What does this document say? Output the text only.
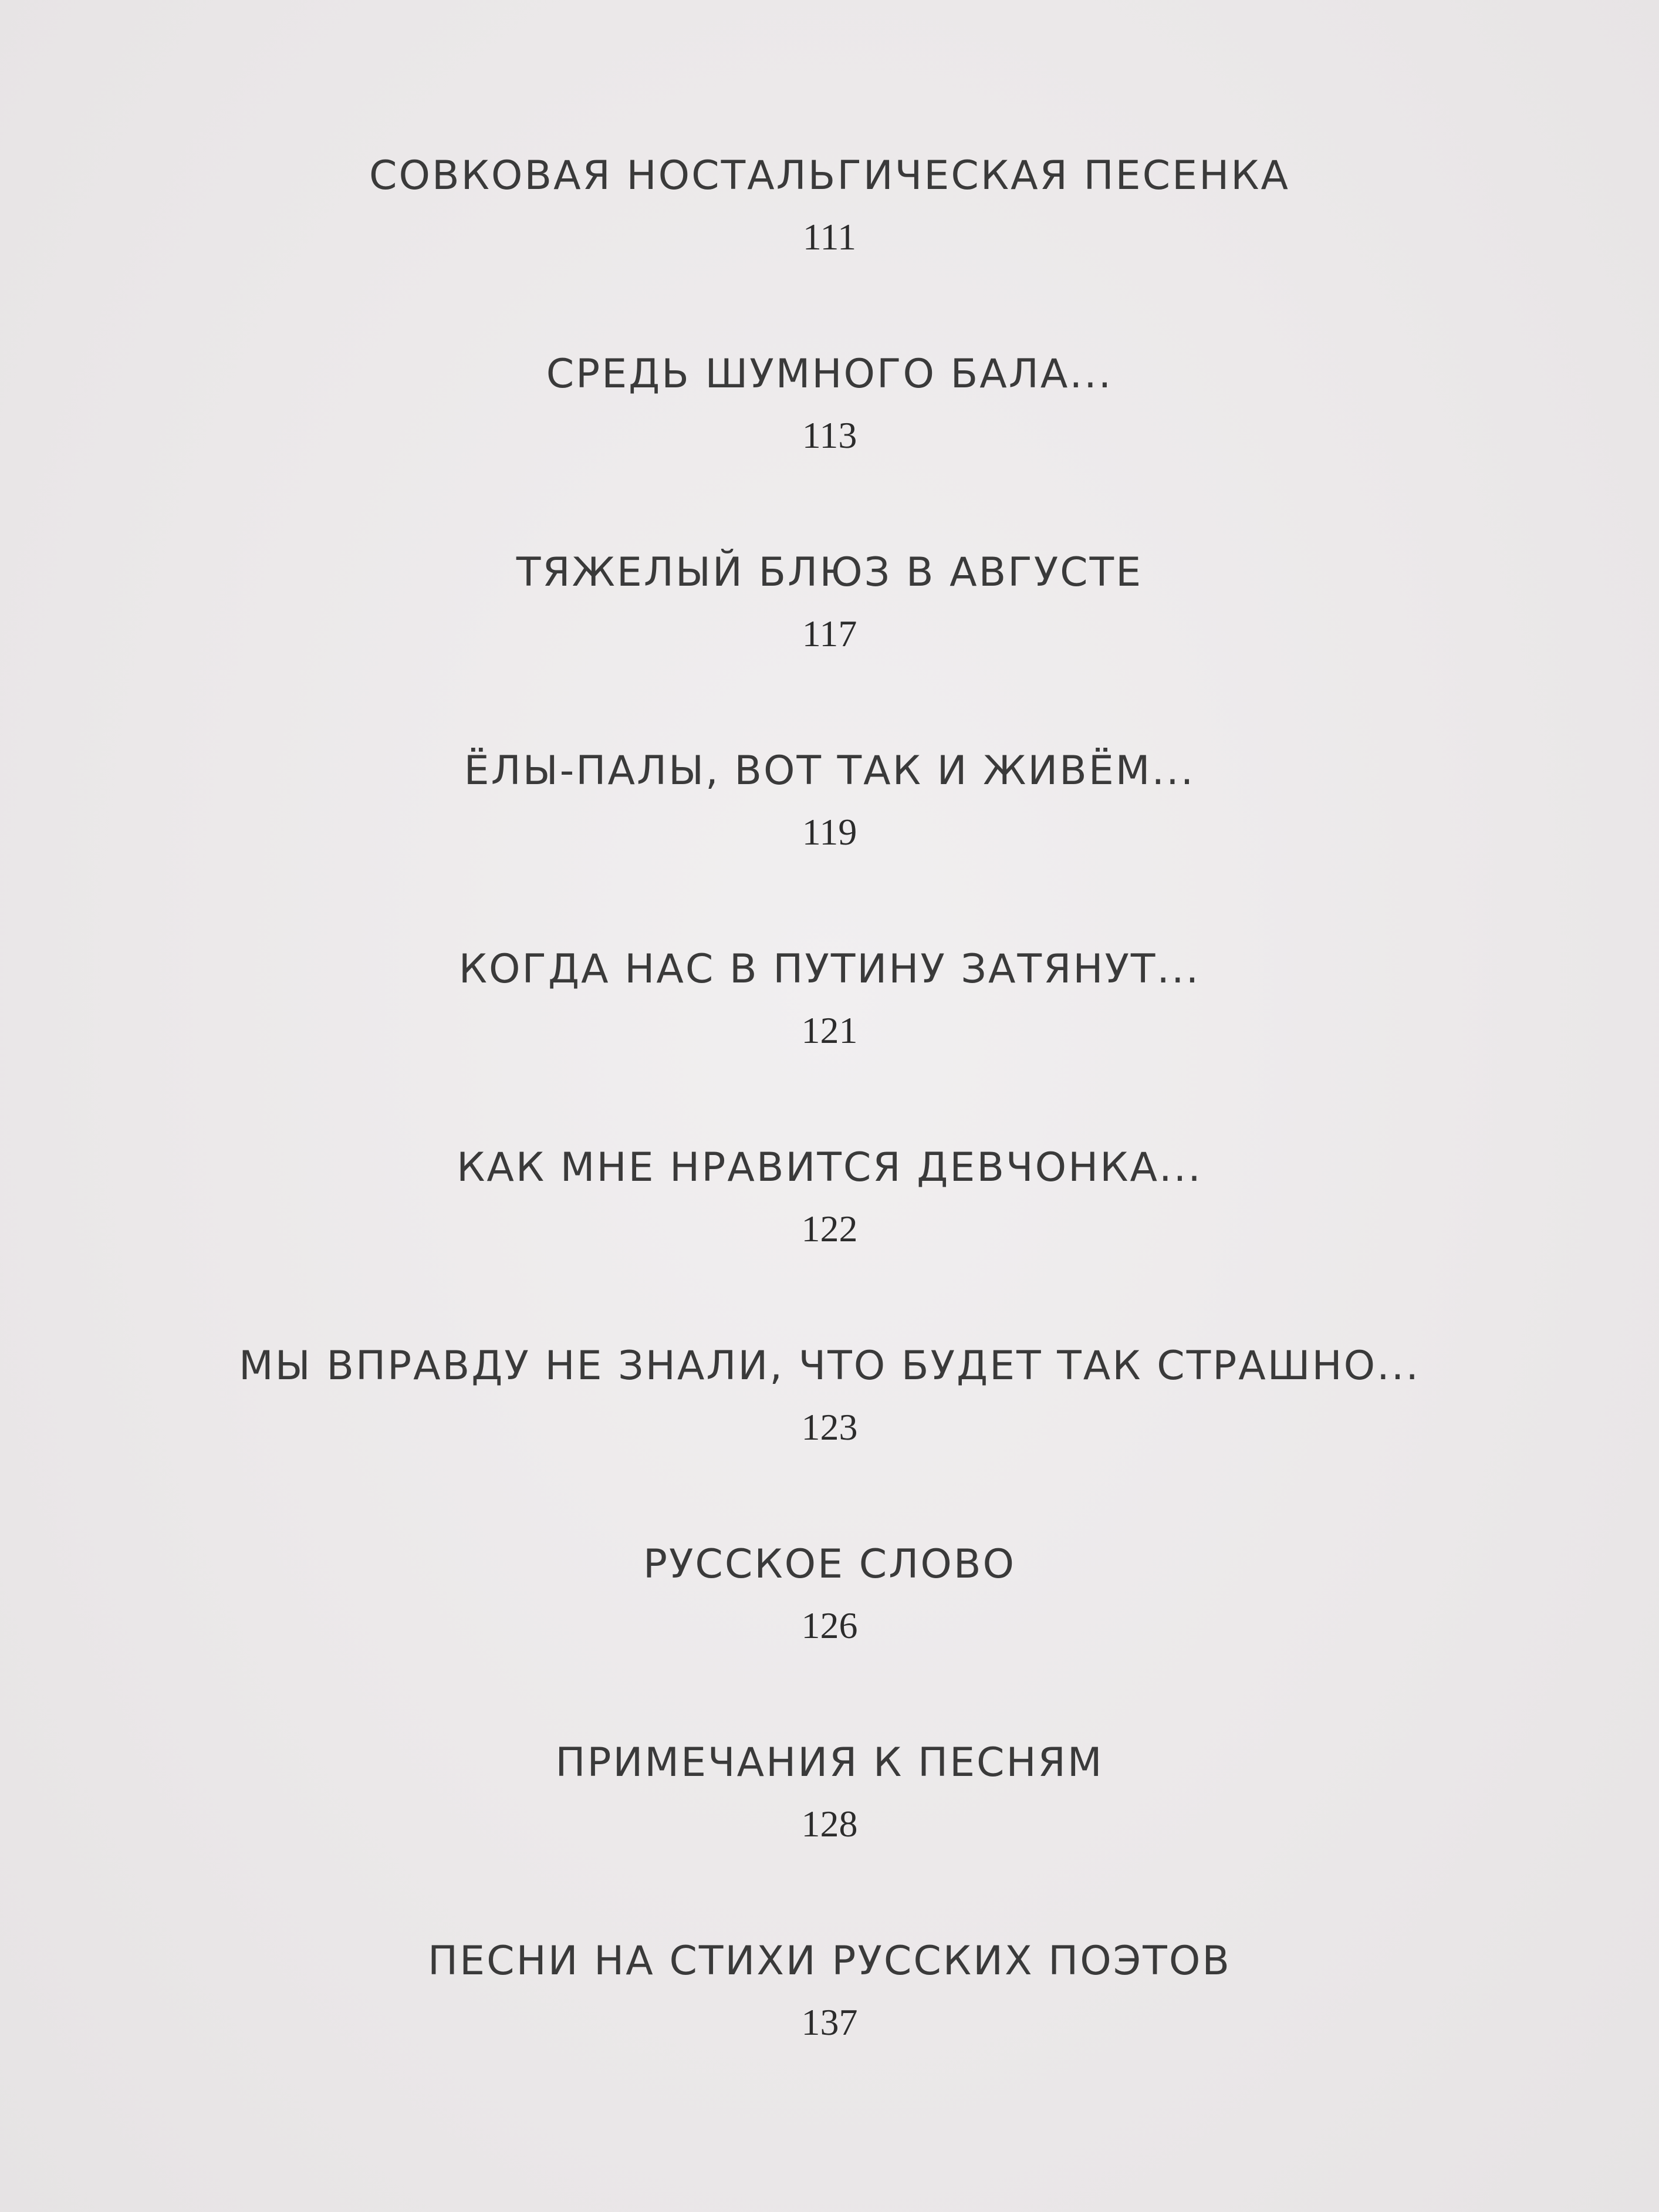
СОВКОВАЯ НОСТАЛЬГИЧЕСКАЯ ПЕСЕНКА
111
СРЕДЬ ШУМНОГО БАЛА...
113
ТЯЖЕЛЫЙ БЛЮЗ В АВГУСТЕ
117
ЁЛЫ-ПАЛЫ, ВОТ ТАК И ЖИВЁМ...
119
КОГДА НАС В ПУТИНУ ЗАТЯНУТ...
121
КАК МНЕ НРАВИТСЯ ДЕВЧОНКА...
122
МЫ ВПРАВДУ НЕ ЗНАЛИ, ЧТО БУДЕТ ТАК СТРАШНО...
123
РУССКОЕ СЛОВО
126
ПРИМЕЧАНИЯ К ПЕСНЯМ
128
ПЕСНИ НА СТИХИ РУССКИХ ПОЭТОВ
137
